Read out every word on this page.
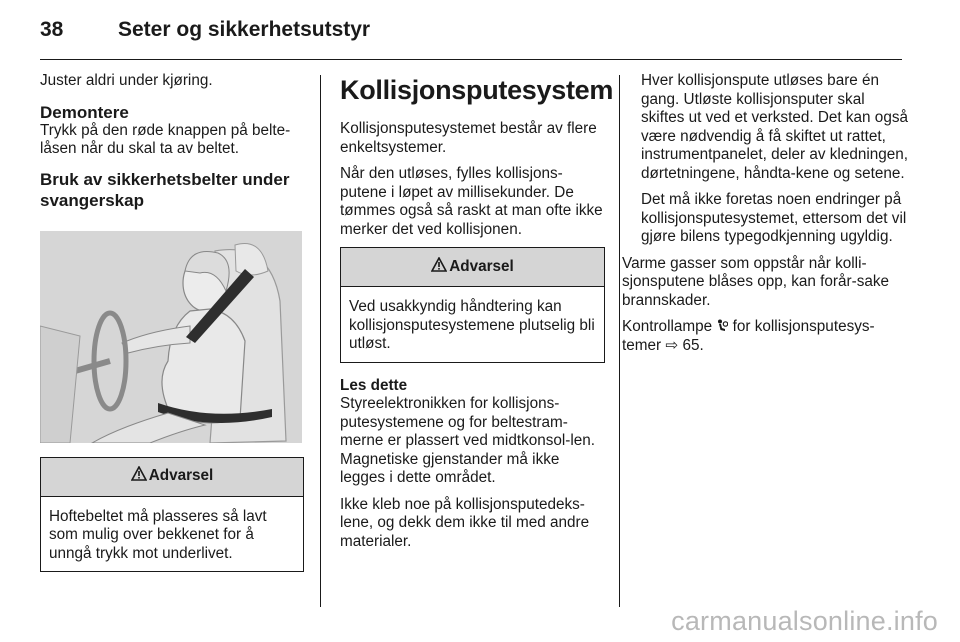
38	Seter og sikkerhetsutstyr

Juster aldri under kjøring.

Demontere

Trykk på den røde knappen på belte-låsen når du skal ta av beltet.

Bruk av sikkerhetsbelter under svangerskap
Advarsel
Hoftebeltet må plasseres så lavt som mulig over bekkenet for å unngå trykk mot underlivet.
Kollisjonsputesystem

Kollisjonsputesystemet består av flere enkeltsystemer.

Når den utløses, fylles kollisjons-putene i løpet av millisekunder. De tømmes også så raskt at man ofte ikke merker det ved kollisjonen.

Advarsel
Ved usakkyndig håndtering kan kollisjonsputesystemene plutselig bli utløst.
Les dette

Styreelektronikken for kollisjons-putesystemene og for beltestram-merne er plassert ved midtkonsol-len. Magnetiske gjenstander må ikke legges i dette området.

Ikke kleb noe på kollisjonsputedeks-lene, og dekk dem ikke til med andre materialer.

Hver kollisjonspute utløses bare én gang. Utløste kollisjonsputer skal skiftes ut ved et verksted. Det kan også være nødvendig å få skiftet ut rattet, instrumentpanelet, deler av kledningen, dørtetningene, håndta-kene og setene.

Det må ikke foretas noen endringer på kollisjonsputesystemet, ettersom det vil gjøre bilens typegodkjenning ugyldig.

Varme gasser som oppstår når kolli-sjonsputene blåses opp, kan forår-sake brannskader.

Kontrollampe for kollisjonsputesys-temer ⇨ 65.

carmanualsonline.info
